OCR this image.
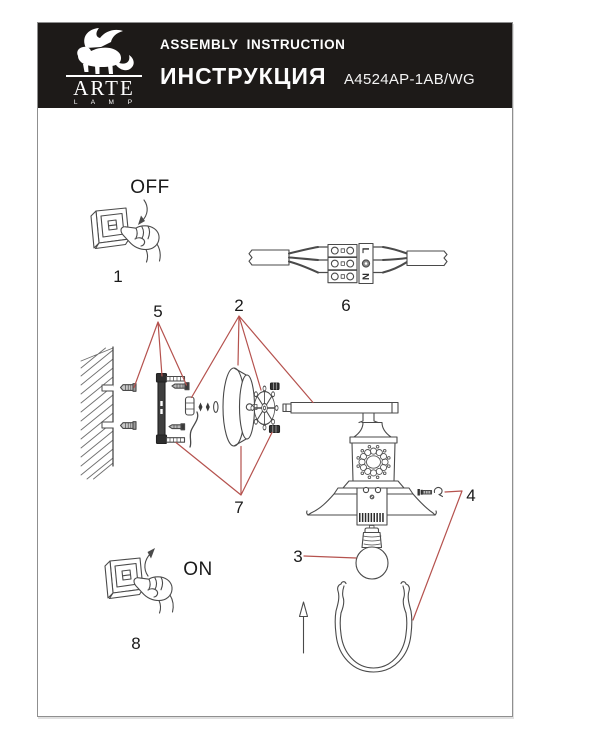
ARTE
L A M P
ASSEMBLY INSTRUCTION
ИНСТРУКЦИЯ A4524AP-1AB/WG
OFF
1
L
N
6
ON
8
5	2
7
3
4
